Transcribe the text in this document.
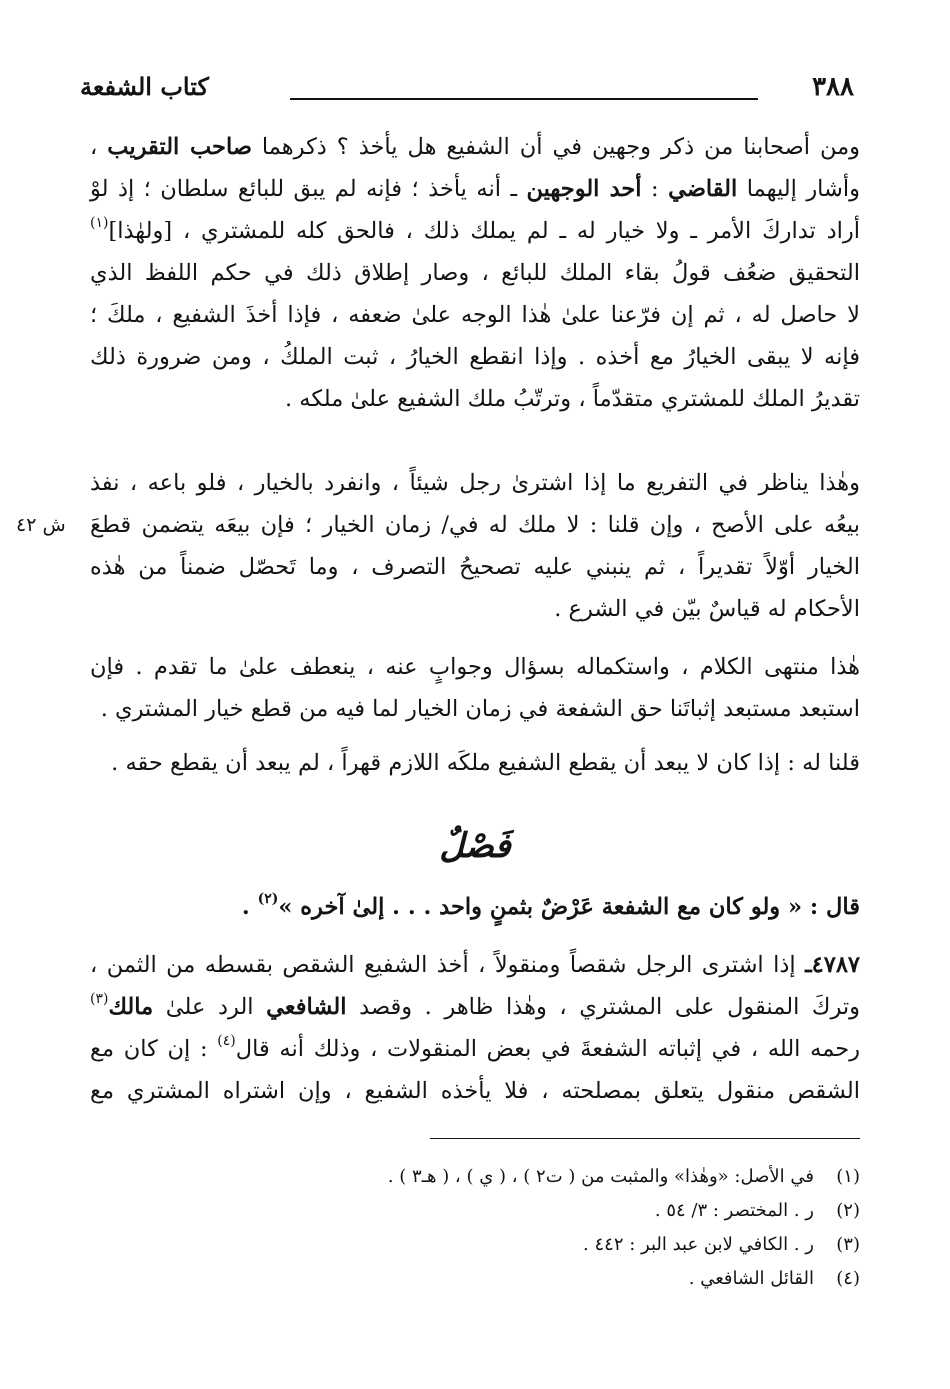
٣٨٨
كتاب الشفعة
ومن أصحابنا من ذكر وجهين في أن الشفيع هل يأخذ ؟ ذكرهما صاحب التقريب ،
وأشار إليهما القاضي : أحد الوجهين ـ أنه يأخذ ؛ فإنه لم يبق للبائع سلطان ؛ إذ لوْ
أراد تداركَ الأمر ـ ولا خيار له ـ لم يملك ذلك ، فالحق كله للمشتري ، [ولهٰذا]$^{(١)}$
التحقيق ضعُف قولُ بقاء الملك للبائع ، وصار إطلاق ذلك في حكم اللفظ الذي
لا حاصل له ، ثم إن فرّعنا علىٰ هٰذا الوجه علىٰ ضعفه ، فإذا أخذَ الشفيع ، ملكَ ؛
فإنه لا يبقى الخيارُ مع أخذه . وإذا انقطع الخيارُ ، ثبت الملكُ ، ومن ضرورة ذلك
تقديرُ الملك للمشتري متقدّماً ، وترتّبُ ملك الشفيع علىٰ ملكه .
وهٰذا يناظر في التفريع ما إذا اشترىٰ رجل شيئاً ، وانفرد بالخيار ، فلو باعه ، نفذ
بيعُه على الأصح ، وإن قلنا : لا ملك له في/ زمان الخيار ؛ فإن بيعَه يتضمن قطعَ
الخيار أوّلاً تقديراً ، ثم ينبني عليه تصحيحُ التصرف ، وما تَحصّل ضمناً من هٰذه
الأحكام له قياسٌ بيّن في الشرع .
ش ٤٢
هٰذا منتهى الكلام ، واستكماله بسؤال وجوابٍ عنه ، ينعطف علىٰ ما تقدم . فإن
استبعد مستبعد إثباتَنا حق الشفعة في زمان الخيار لما فيه من قطع خيار المشتري .
قلنا له : إذا كان لا يبعد أن يقطع الشفيع ملكَه اللازم قهراً ، لم يبعد أن يقطع حقه .
فَصْلٌ
قال : « ولو كان مع الشفعة عَرْضٌ بثمنٍ واحد . . . إلىٰ آخره »$^{(٢)}$ .
٤٧٨٧ـ إذا اشترى الرجل شقصاً ومنقولاً ، أخذ الشفيع الشقص بقسطه من الثمن ،
وتركَ المنقول على المشتري ، وهٰذا ظاهر . وقصد الشافعي الرد علىٰ مالك$^{(٣)}$
رحمه الله ، في إثباته الشفعةَ في بعض المنقولات ، وذلك أنه قال$^{(٤)}$ : إن كان مع
الشقص منقول يتعلق بمصلحته ، فلا يأخذه الشفيع ، وإن اشتراه المشتري مع
(١)
في الأصل: «وهٰذا» والمثبت من ( ت٢ ) ، ( ي ) ، ( هـ٣ ) .
(٢)
ر . المختصر : ٣/ ٥٤ .
(٣)
ر . الكافي لابن عبد البر : ٤٤٢ .
(٤)
القائل الشافعي .
